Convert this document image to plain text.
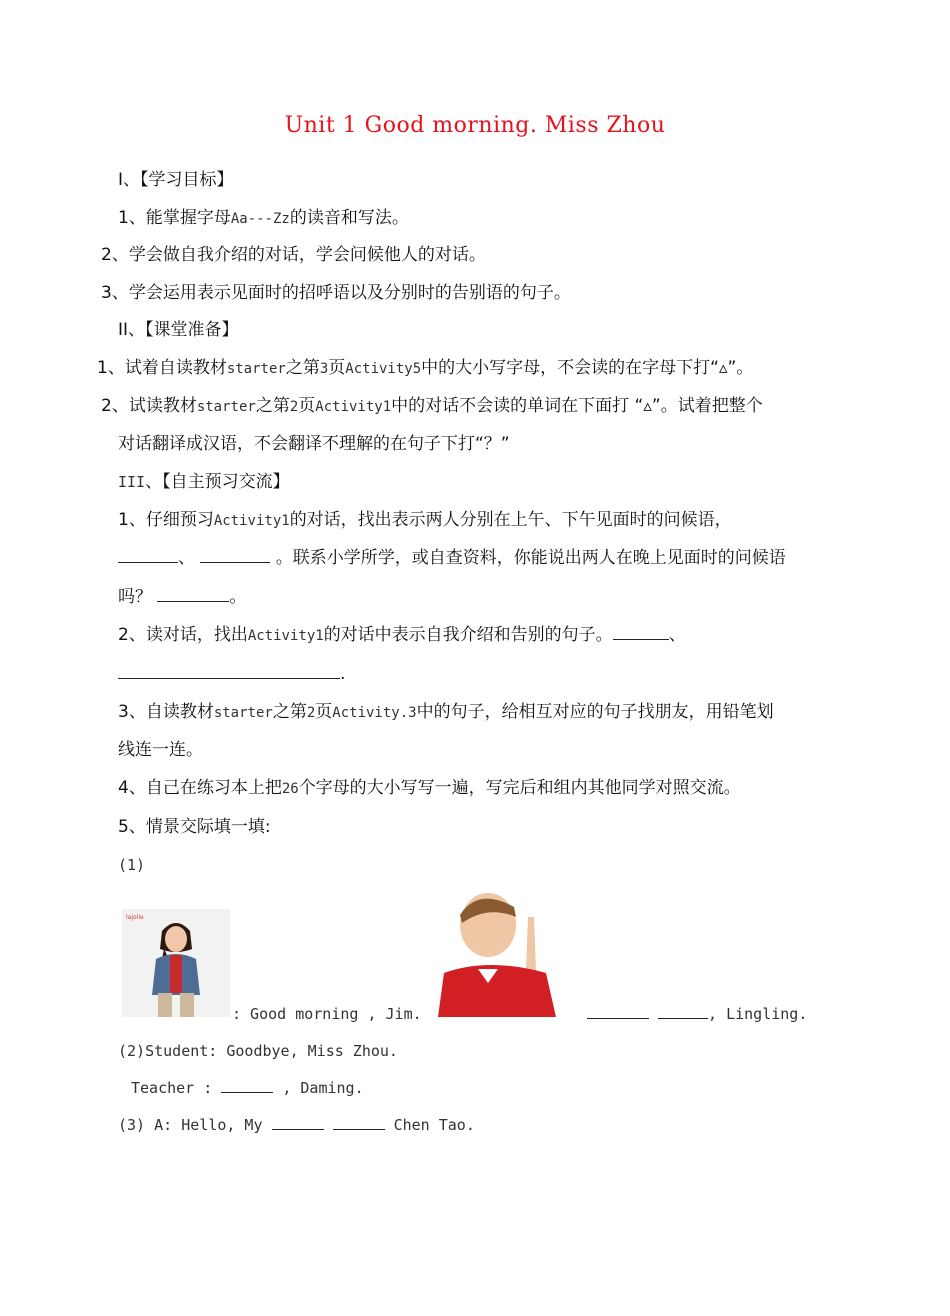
Unit 1 Good morning. Miss Zhou
I、【学习目标】
1、能掌握字母Aa---Zz的读音和写法。
2、学会做自我介绍的对话，学会问候他人的对话。
3、学会运用表示见面时的招呼语以及分别时的告别语的句子。
II、【课堂准备】
1、试着自读教材starter之第3页Activity5中的大小写字母，不会读的在字母下打“▵”。
2、试读教材starter之第2页Activity1中的对话不会读的单词在下面打 “▵”。试着把整个
对话翻译成汉语，不会翻译不理解的在句子下打“？”
III、【自主预习交流】
1、仔细预习Activity1的对话，找出表示两人分别在上午、下午见面时的问候语，
、	。联系小学所学，或自查资料，你能说出两人在晚上见面时的问候语
吗？	。
2、读对话，找出Activity1的对话中表示自我介绍和告别的句子。	、
.
3、自读教材starter之第2页Activity.3中的句子，给相互对应的句子找朋友，用铅笔划
线连一连。
4、自己在练习本上把26个字母的大小写写一遍，写完后和组内其他同学对照交流。
5、情景交际填一填:
(1)
lajolie
: Good morning , Jim.	, Lingling.
(2)Student: Goodbye, Miss Zhou.
Teacher :	, Daming.
(3) A: Hello, My	Chen Tao.
